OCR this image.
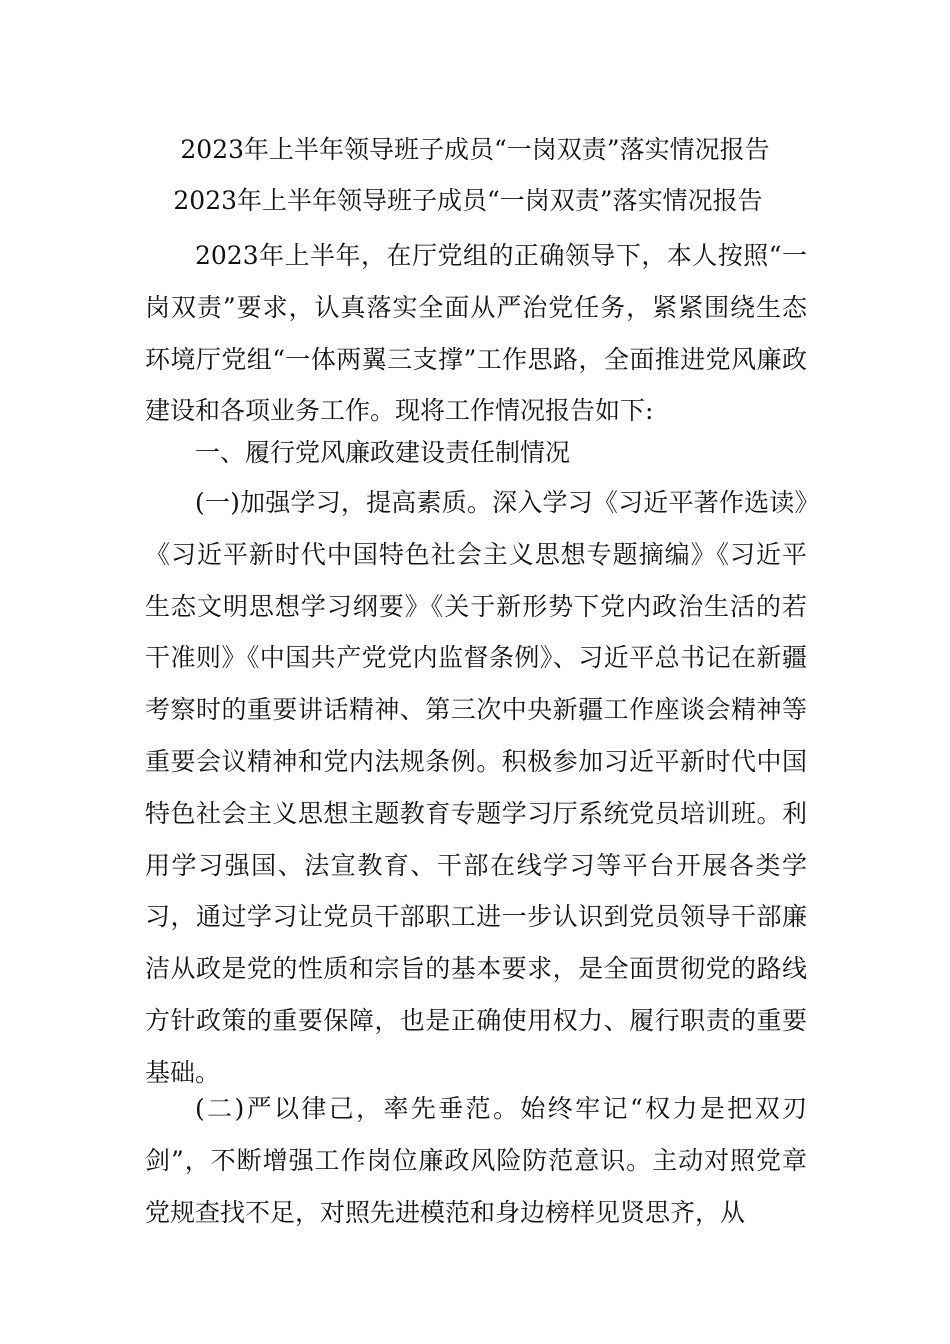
2023年上半年领导班子成员“一岗双责”落实情况报告
2023年上半年领导班子成员“一岗双责”落实情况报告

2023年上半年，在厅党组的正确领导下，本人按照“一岗双责”要求，认真落实全面从严治党任务，紧紧围绕生态环境厅党组“一体两翼三支撑”工作思路，全面推进党风廉政建设和各项业务工作。现将工作情况报告如下:

一、履行党风廉政建设责任制情况

(一)加强学习，提高素质。深入学习《习近平著作选读》《习近平新时代中国特色社会主义思想专题摘编》《习近平生态文明思想学习纲要》《关于新形势下党内政治生活的若干准则》《中国共产党党内监督条例》、习近平总书记在新疆考察时的重要讲话精神、第三次中央新疆工作座谈会精神等重要会议精神和党内法规条例。积极参加习近平新时代中国特色社会主义思想主题教育专题学习厅系统党员培训班。利用学习强国、法宣教育、干部在线学习等平台开展各类学习，通过学习让党员干部职工进一步认识到党员领导干部廉洁从政是党的性质和宗旨的基本要求，是全面贯彻党的路线方针政策的重要保障，也是正确使用权力、履行职责的重要基础。

(二)严以律己，率先垂范。始终牢记“权力是把双刃剑”，不断增强工作岗位廉政风险防范意识。主动对照党章党规查找不足，对照先进模范和身边榜样见贤思齐，从
